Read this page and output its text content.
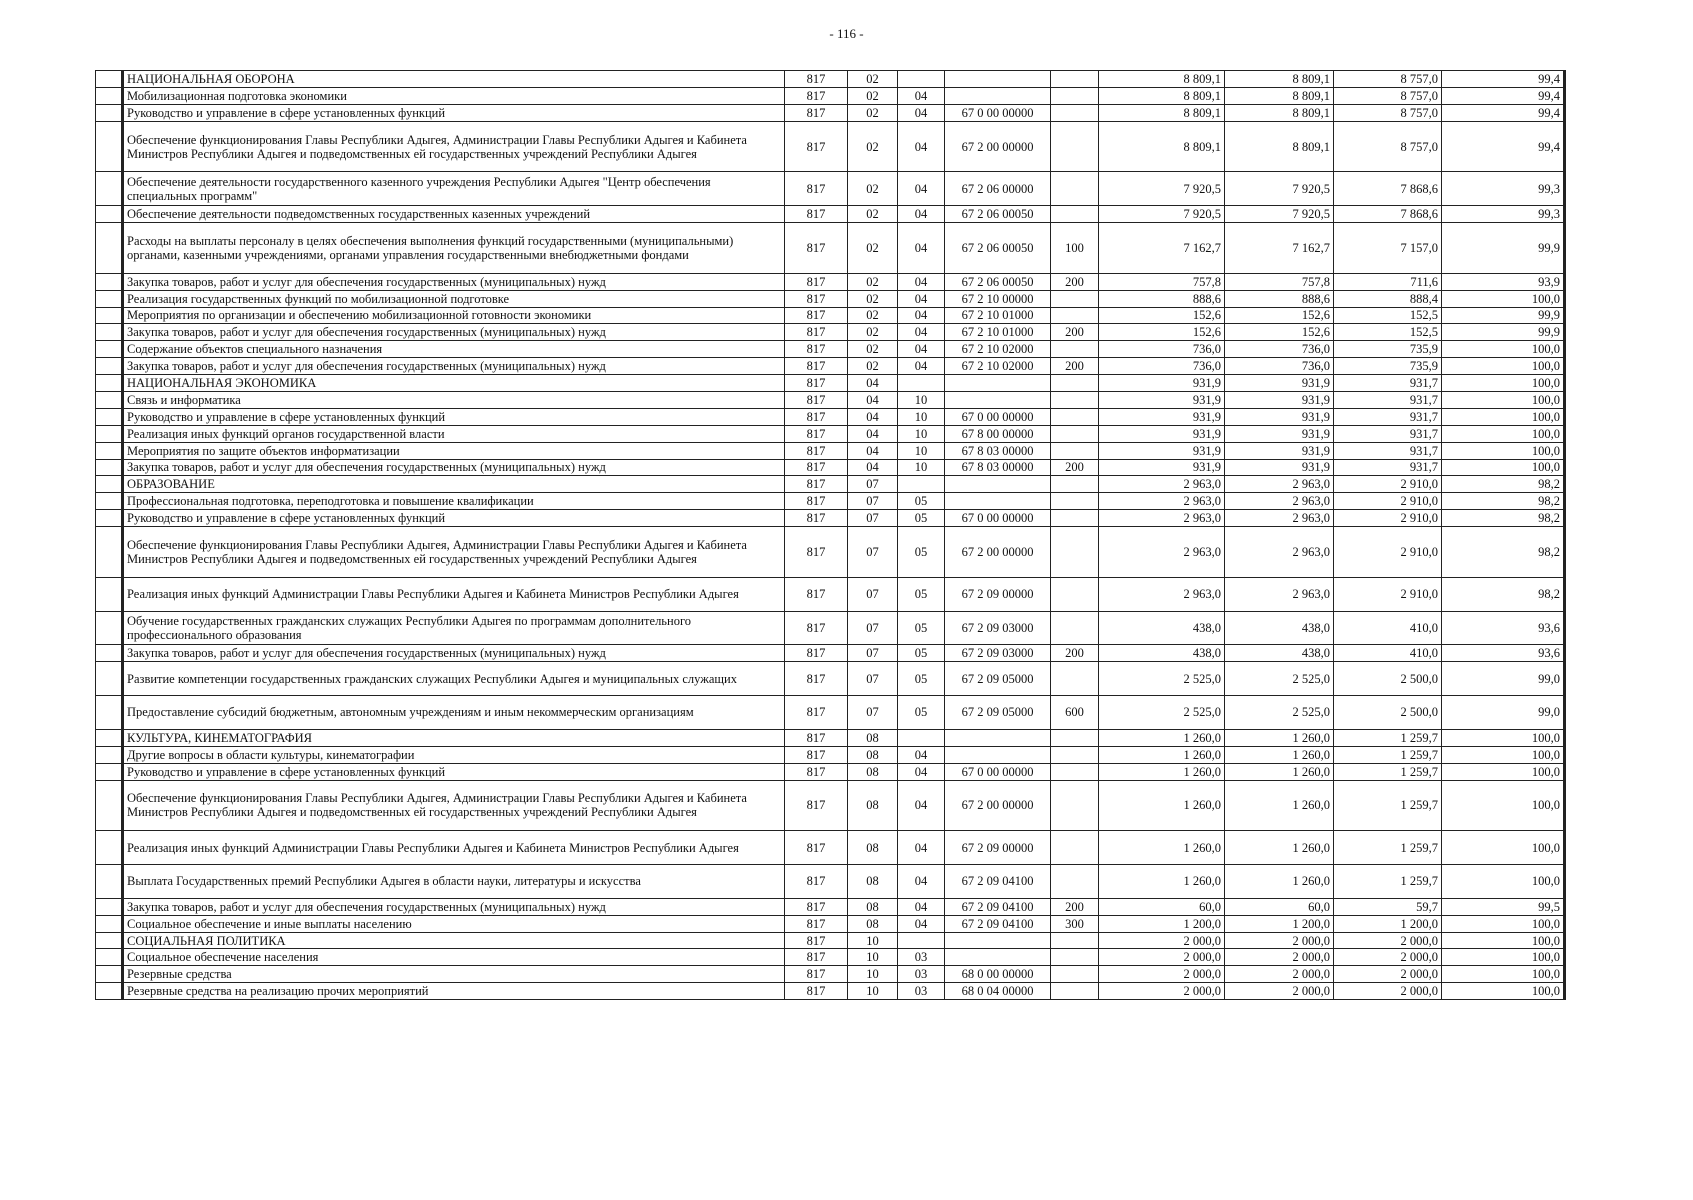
- 116 -
	НАЦИОНАЛЬНАЯ ОБОРОНА	817	02				8 809,1	8 809,1	8 757,0	99,4
	Мобилизационная подготовка экономики	817	02	04			8 809,1	8 809,1	8 757,0	99,4
	Руководство и управление в сфере установленных функций	817	02	04	67 0 00 00000		8 809,1	8 809,1	8 757,0	99,4
	Обеспечение функционирования Главы Республики Адыгея, Администрации Главы Республики Адыгея и Кабинета Министров Республики Адыгея и подведомственных ей государственных учреждений Республики Адыгея	817	02	04	67 2 00 00000		8 809,1	8 809,1	8 757,0	99,4
	Обеспечение деятельности государственного казенного учреждения Республики Адыгея "Центр обеспечения специальных программ"	817	02	04	67 2 06 00000		7 920,5	7 920,5	7 868,6	99,3
	Обеспечение деятельности подведомственных государственных казенных учреждений	817	02	04	67 2 06 00050		7 920,5	7 920,5	7 868,6	99,3
	Расходы на выплаты персоналу в целях обеспечения выполнения функций государственными (муниципальными) органами, казенными учреждениями, органами управления государственными внебюджетными фондами	817	02	04	67 2 06 00050	100	7 162,7	7 162,7	7 157,0	99,9
	Закупка товаров, работ и услуг для обеспечения государственных (муниципальных) нужд	817	02	04	67 2 06 00050	200	757,8	757,8	711,6	93,9
	Реализация государственных функций по мобилизационной подготовке	817	02	04	67 2 10 00000		888,6	888,6	888,4	100,0
	Мероприятия по организации и обеспечению мобилизационной готовности экономики	817	02	04	67 2 10 01000		152,6	152,6	152,5	99,9
	Закупка товаров, работ и услуг для обеспечения государственных (муниципальных) нужд	817	02	04	67 2 10 01000	200	152,6	152,6	152,5	99,9
	Содержание объектов специального назначения	817	02	04	67 2 10 02000		736,0	736,0	735,9	100,0
	Закупка товаров, работ и услуг для обеспечения государственных (муниципальных) нужд	817	02	04	67 2 10 02000	200	736,0	736,0	735,9	100,0
	НАЦИОНАЛЬНАЯ ЭКОНОМИКА	817	04				931,9	931,9	931,7	100,0
	Связь и информатика	817	04	10			931,9	931,9	931,7	100,0
	Руководство и управление в сфере установленных функций	817	04	10	67 0 00 00000		931,9	931,9	931,7	100,0
	Реализация иных функций органов государственной власти	817	04	10	67 8 00 00000		931,9	931,9	931,7	100,0
	Мероприятия по защите объектов информатизации	817	04	10	67 8 03 00000		931,9	931,9	931,7	100,0
	Закупка товаров, работ и услуг для обеспечения государственных (муниципальных) нужд	817	04	10	67 8 03 00000	200	931,9	931,9	931,7	100,0
	ОБРАЗОВАНИЕ	817	07				2 963,0	2 963,0	2 910,0	98,2
	Профессиональная подготовка, переподготовка и повышение квалификации	817	07	05			2 963,0	2 963,0	2 910,0	98,2
	Руководство и управление в сфере установленных функций	817	07	05	67 0 00 00000		2 963,0	2 963,0	2 910,0	98,2
	Обеспечение функционирования Главы Республики Адыгея, Администрации Главы Республики Адыгея и Кабинета Министров Республики Адыгея и подведомственных ей государственных учреждений Республики Адыгея	817	07	05	67 2 00 00000		2 963,0	2 963,0	2 910,0	98,2
	Реализация иных функций Администрации Главы Республики Адыгея и Кабинета Министров Республики Адыгея	817	07	05	67 2 09 00000		2 963,0	2 963,0	2 910,0	98,2
	Обучение государственных гражданских служащих Республики Адыгея по программам дополнительного профессионального образования	817	07	05	67 2 09 03000		438,0	438,0	410,0	93,6
	Закупка товаров, работ и услуг для обеспечения государственных (муниципальных) нужд	817	07	05	67 2 09 03000	200	438,0	438,0	410,0	93,6
	Развитие компетенции государственных гражданских служащих Республики Адыгея и муниципальных служащих	817	07	05	67 2 09 05000		2 525,0	2 525,0	2 500,0	99,0
	Предоставление субсидий бюджетным, автономным учреждениям и иным некоммерческим организациям	817	07	05	67 2 09 05000	600	2 525,0	2 525,0	2 500,0	99,0
	КУЛЬТУРА, КИНЕМАТОГРАФИЯ	817	08				1 260,0	1 260,0	1 259,7	100,0
	Другие вопросы в области культуры, кинематографии	817	08	04			1 260,0	1 260,0	1 259,7	100,0
	Руководство и управление в сфере установленных функций	817	08	04	67 0 00 00000		1 260,0	1 260,0	1 259,7	100,0
	Обеспечение функционирования Главы Республики Адыгея, Администрации Главы Республики Адыгея и Кабинета Министров Республики Адыгея и подведомственных ей государственных учреждений Республики Адыгея	817	08	04	67 2 00 00000		1 260,0	1 260,0	1 259,7	100,0
	Реализация иных функций Администрации Главы Республики Адыгея и Кабинета Министров Республики Адыгея	817	08	04	67 2 09 00000		1 260,0	1 260,0	1 259,7	100,0
	Выплата Государственных премий Республики Адыгея в области науки, литературы и искусства	817	08	04	67 2 09 04100		1 260,0	1 260,0	1 259,7	100,0
	Закупка товаров, работ и услуг для обеспечения государственных (муниципальных) нужд	817	08	04	67 2 09 04100	200	60,0	60,0	59,7	99,5
	Социальное обеспечение и иные выплаты населению	817	08	04	67 2 09 04100	300	1 200,0	1 200,0	1 200,0	100,0
	СОЦИАЛЬНАЯ ПОЛИТИКА	817	10				2 000,0	2 000,0	2 000,0	100,0
	Социальное обеспечение населения	817	10	03			2 000,0	2 000,0	2 000,0	100,0
	Резервные средства	817	10	03	68 0 00 00000		2 000,0	2 000,0	2 000,0	100,0
	Резервные средства на реализацию прочих мероприятий	817	10	03	68 0 04 00000		2 000,0	2 000,0	2 000,0	100,0
